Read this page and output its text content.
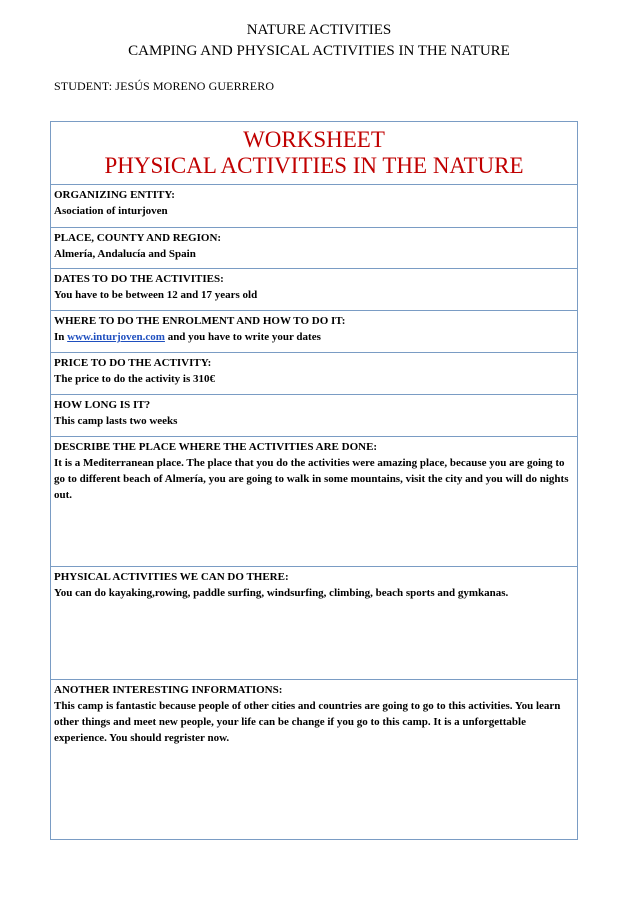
NATURE ACTIVITIES
CAMPING AND PHYSICAL ACTIVITIES IN THE NATURE
STUDENT: JESÚS MORENO GUERRERO
WORKSHEET
PHYSICAL ACTIVITIES IN THE NATURE
ORGANIZING ENTITY:
Asociation of inturjoven
PLACE, COUNTY AND REGION:
Almería, Andalucía and Spain
DATES TO DO THE ACTIVITIES:
You have to be between 12 and 17 years old
WHERE TO DO THE ENROLMENT AND HOW TO DO IT:
In www.inturjoven.com and you have to write your dates
PRICE TO DO THE ACTIVITY:
The price to do the activity is 310€
HOW LONG IS IT?
This camp lasts two weeks
DESCRIBE THE PLACE WHERE THE ACTIVITIES ARE DONE:
It is a Mediterranean place. The place that you do the activities were amazing place, because you are going to go to different beach of Almería, you are going to walk in some mountains, visit the city and you will do nights out.
PHYSICAL ACTIVITIES WE CAN DO THERE:
You can do kayaking,rowing, paddle surfing, windsurfing, climbing, beach sports and gymkanas.
ANOTHER INTERESTING INFORMATIONS:
This camp is fantastic because people of other cities and countries are going to go to this activities. You learn other things and meet new people, your life can be change if you go to this camp. It is a unforgettable experience. You should regrister now.
